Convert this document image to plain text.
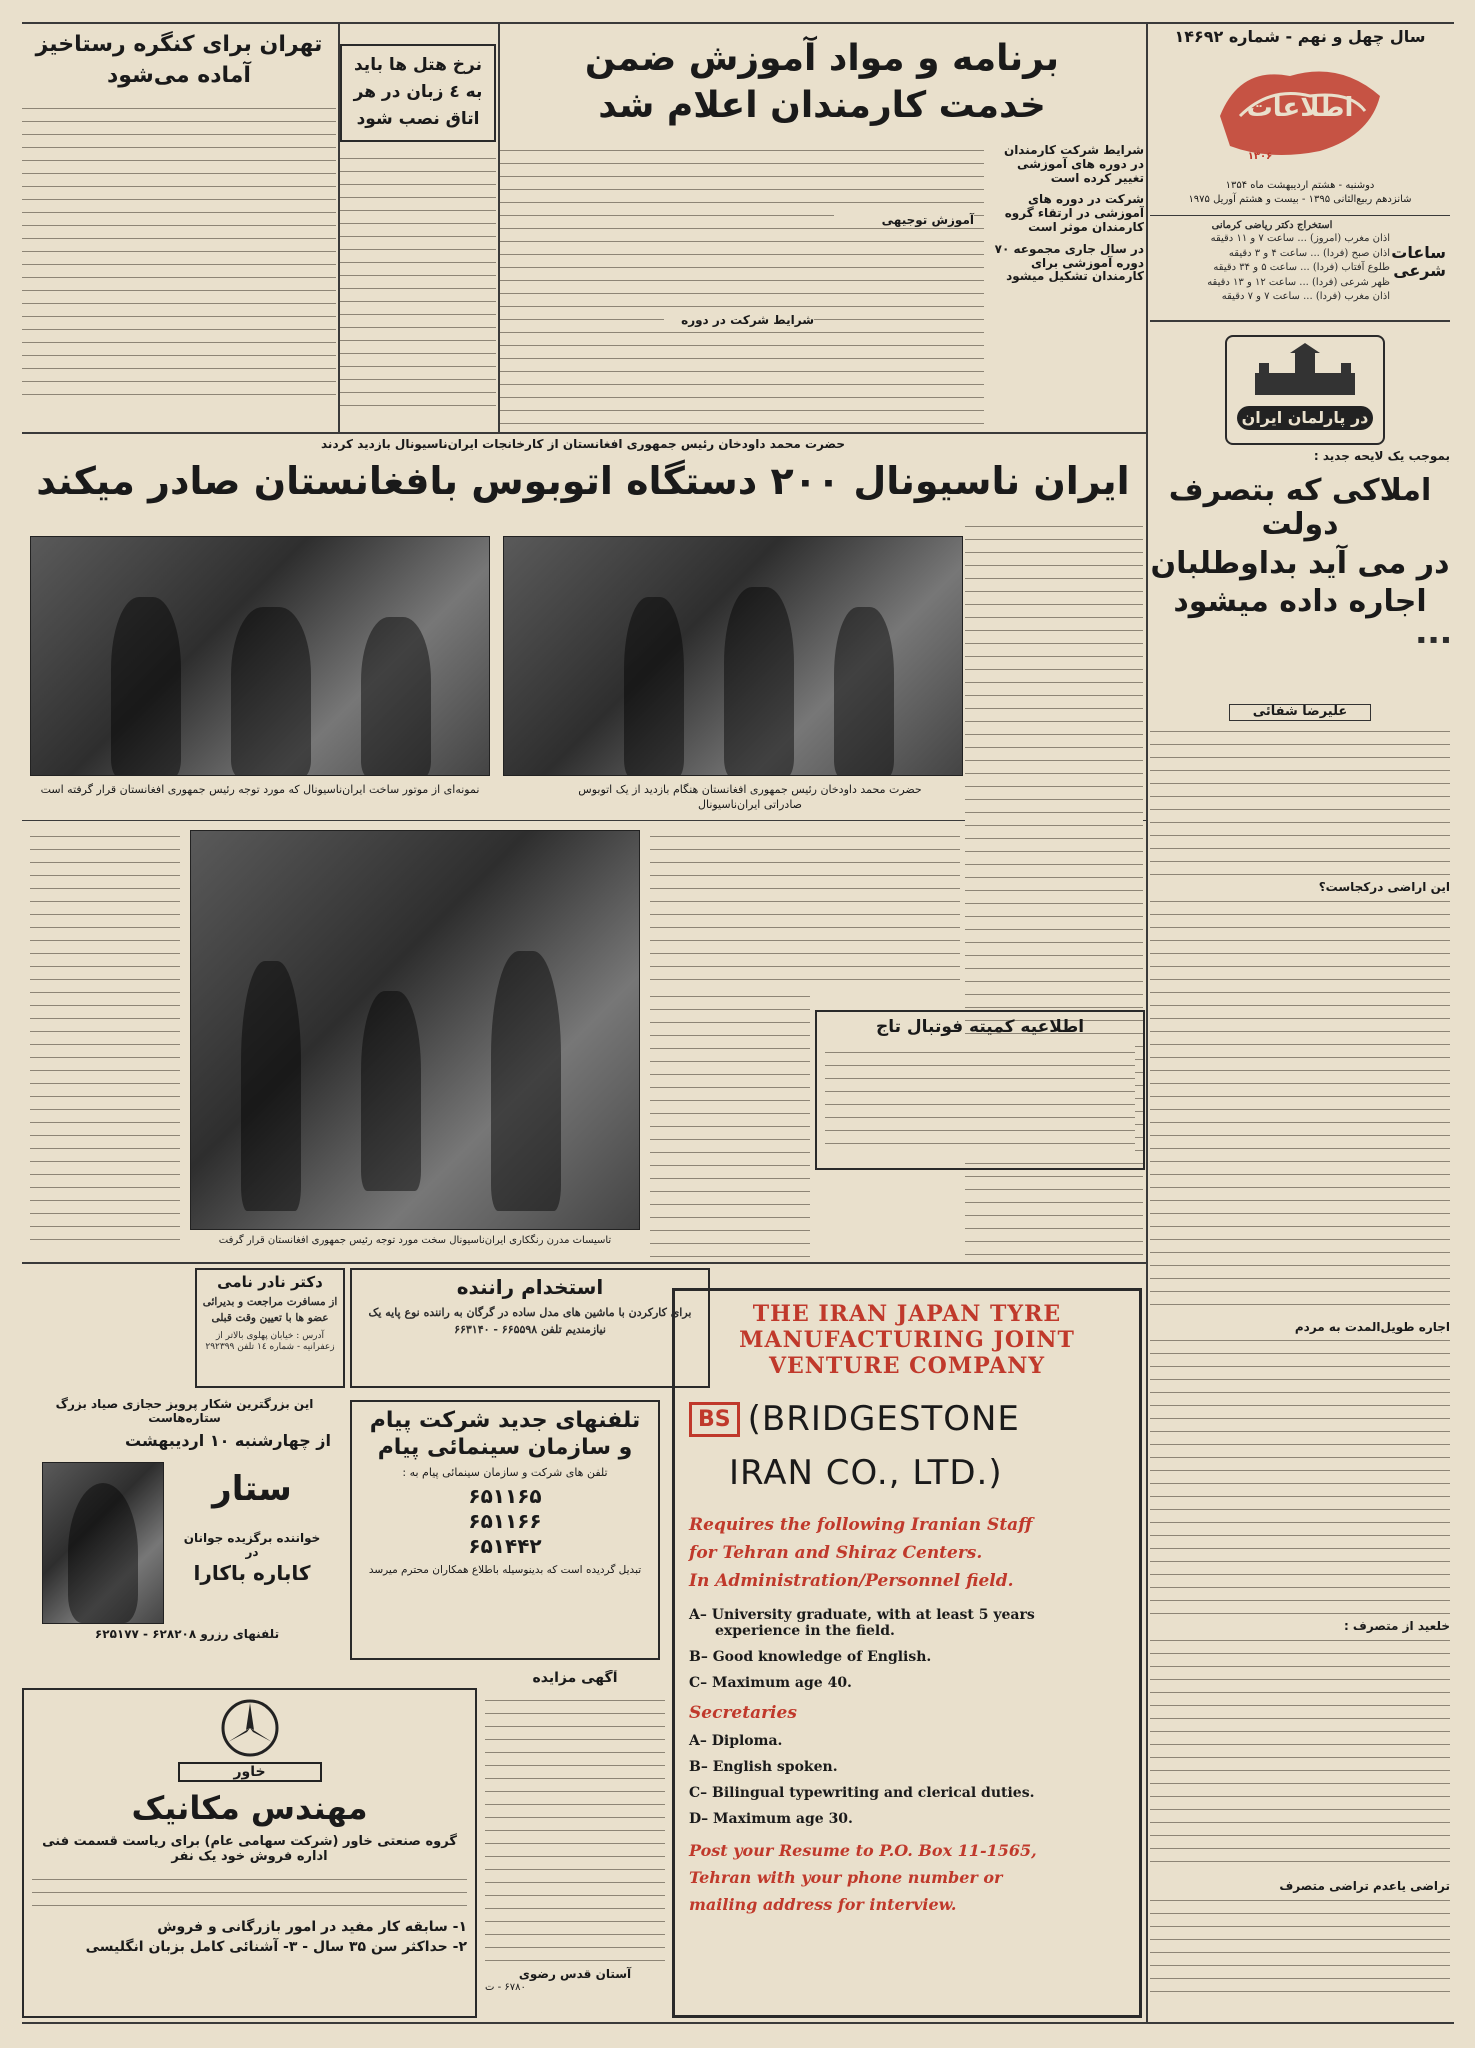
سال چهل و نهم - شماره ۱۴۶۹۲
اطلاعات
۱۳۰۶
دوشنبه - هشتم اردیبهشت ماه ۱۳۵۴
شانزدهم ربیع‌الثانی ۱۳۹۵ - بیست و هشتم آوریل ۱۹۷۵
ساعات شرعی
استخراج دکتر ریاضی کرمانی
اذان مغرب (امروز) ... ساعت ۷ و ۱۱ دقیقه
اذان صبح (فردا) ... ساعت ۴ و ۳ دقیقه
طلوع آفتاب (فردا) ... ساعت ۵ و ۳۴ دقیقه
ظهر شرعی (فردا) ... ساعت ۱۲ و ۱۳ دقیقه
اذان مغرب (فردا) ... ساعت ۷ و ۷ دقیقه
در پارلمان ایران
بموجب یک لایحه جدید :
املاکی که بتصرف دولت
در می آید بداوطلبان
اجاره داده میشود
▪ ▪ ▪
علیرضا شفائی
این اراضی درکجاست؟
اجاره طویل‌المدت به مردم
خلعید از متصرف :
تراضی یاعدم تراضی متصرف
برنامه و مواد آموزش ضمن
خدمت کارمندان اعلام شد
شرایط شرکت کارمندان در دوره های آموزشی تغییر کرده است
شرکت در دوره های آموزشی در ارتقاء گروه کارمندان موثر است
در سال جاری مجموعه ۷۰ دوره آموزشی برای کارمندان تشکیل میشود
آموزش توجیهی
شرایط شرکت در دوره
نرخ هتل ها باید به ٤ زبان در هر اتاق نصب شود
تهران برای کنگره رستاخیز آماده می‌شود
حضرت محمد داودخان رئیس جمهوری افغانستان از کارخانجات ایران‌ناسیونال بازدید کردند
ایران ناسیونال ۲۰۰ دستگاه اتوبوس بافغانستان صادر میکند
حضرت محمد داودخان رئیس جمهوری افغانستان هنگام بازدید از یک اتوبوس صادراتی ایران‌ناسیونال
نمونه‌ای از موتور ساخت ایران‌ناسیونال که مورد توجه رئیس جمهوری افغانستان قرار گرفته است
تاسیسات مدرن رنگکاری ایران‌ناسیونال سخت مورد توجه رئیس جمهوری افغانستان قرار گرفت
اطلاعیه کمیته فوتبال تاج
دکتر نادر نامی
از مسافرت مراجعت و بدیرائی عضو ها با تعیین وقت قبلی
آدرس : خیابان پهلوی بالاتر از زعفرانیه - شماره ۱٤ تلفن ۲۹۲۳۹۹
استخدام راننده
برای کارکردن با ماشین های مدل ساده در گرگان به راننده نوع پایه یک نیازمندیم تلفن ۶۶۵۵۹۸ - ۶۶۳۱۴۰
این بزرگترین شکار پرویز حجازی صیاد بزرگ ستاره‌هاست
از چهارشنبه ۱۰ اردیبهشت
ستار
خواننده برگزیده جوانان در
کاباره باکارا
تلفنهای رزرو ۶۲۸۲۰۸ - ۶۲۵۱۷۷
تلفنهای جدید شرکت پیام
و سازمان سینمائی پیام
تلفن های شرکت و سازمان سینمائی پیام به :
۶۵۱۱۶۵
۶۵۱۱۶۶
۶۵۱۴۴۲
تبدیل گردیده است که بدینوسیله باطلاع همکاران محترم میرسد
خاور
مهندس مکانیک
گروه صنعتی خاور (شرکت سهامی عام) برای ریاست قسمت فنی اداره فروش خود یک نفر
۱- سابقه کار مفید در امور بازرگانی و فروش
۲- حداکثر سن ۳۵ سال - ۳- آشنائی کامل بزبان انگلیسی
آگهی مزایده
آستان قدس رضوی
۶۷۸۰ - ت
THE IRAN JAPAN TYRE
MANUFACTURING JOINT
VENTURE COMPANY
BS (BRIDGESTONE
IRAN CO., LTD.)
Requires the following Iranian Staff
for Tehran and Shiraz Centers.
In Administration/Personnel field.
A– University graduate, with at least 5 years
experience in the field.
B– Good knowledge of English.
C– Maximum age 40.
Secretaries
A– Diploma.
B– English spoken.
C– Bilingual typewriting and clerical duties.
D– Maximum age 30.
Post your Resume to P.O. Box 11-1565,
Tehran with your phone number or
mailing address for interview.
